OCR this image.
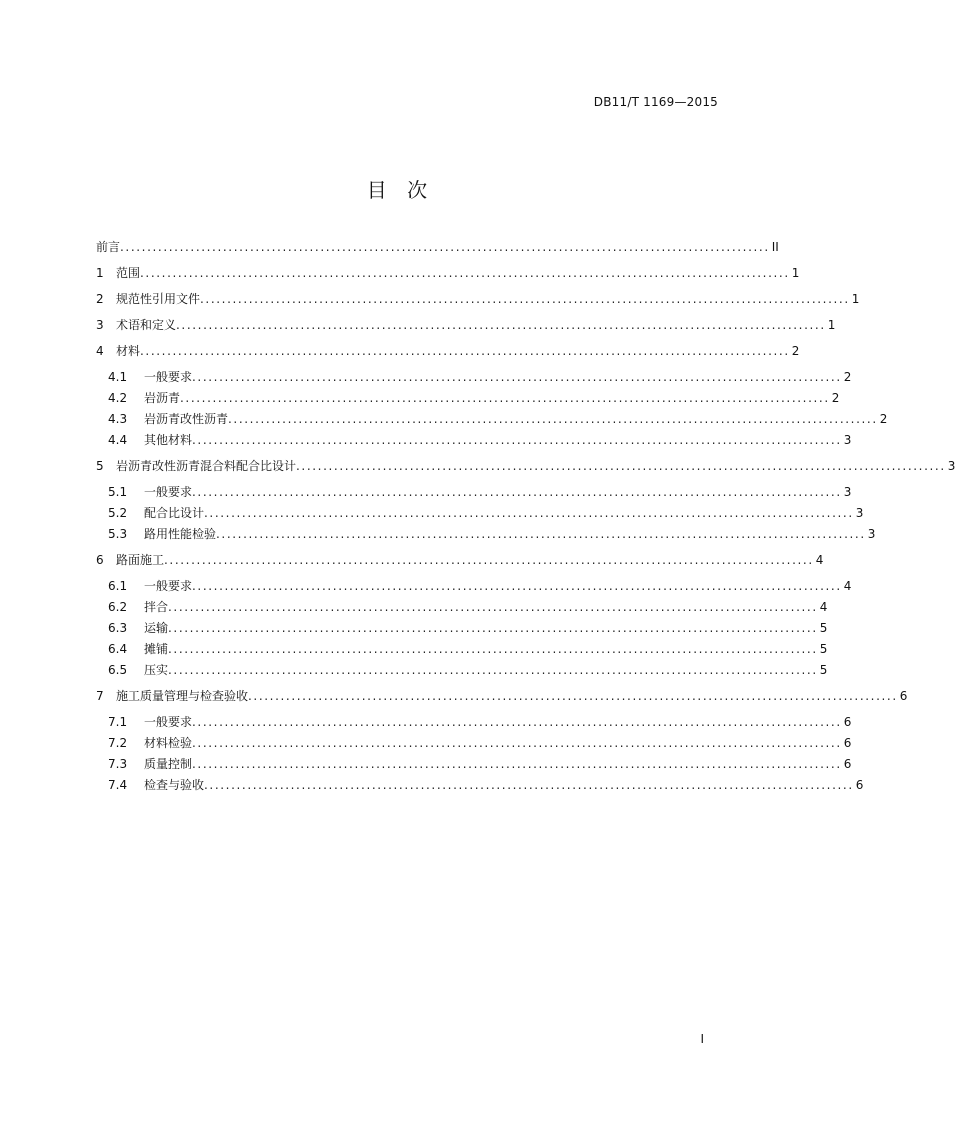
DB11/T 1169—2015
目　次
前言 ........................................................................................................................ II
1	范围 ........................................................................................................................ 1
2	规范性引用文件 ........................................................................................................................ 1
3	术语和定义 ........................................................................................................................ 1
4	材料 ........................................................................................................................ 2
4.1	一般要求 ........................................................................................................................ 2
4.2	岩沥青 ........................................................................................................................ 2
4.3	岩沥青改性沥青 ........................................................................................................................ 2
4.4	其他材料 ........................................................................................................................ 3
5	岩沥青改性沥青混合料配合比设计 ........................................................................................................................ 3
5.1	一般要求 ........................................................................................................................ 3
5.2	配合比设计 ........................................................................................................................ 3
5.3	路用性能检验 ........................................................................................................................ 3
6	路面施工 ........................................................................................................................ 4
6.1	一般要求 ........................................................................................................................ 4
6.2	拌合 ........................................................................................................................ 4
6.3	运输 ........................................................................................................................ 5
6.4	摊铺 ........................................................................................................................ 5
6.5	压实 ........................................................................................................................ 5
7	施工质量管理与检查验收 ........................................................................................................................ 6
7.1	一般要求 ........................................................................................................................ 6
7.2	材料检验 ........................................................................................................................ 6
7.3	质量控制 ........................................................................................................................ 6
7.4	检查与验收 ........................................................................................................................ 6
I
